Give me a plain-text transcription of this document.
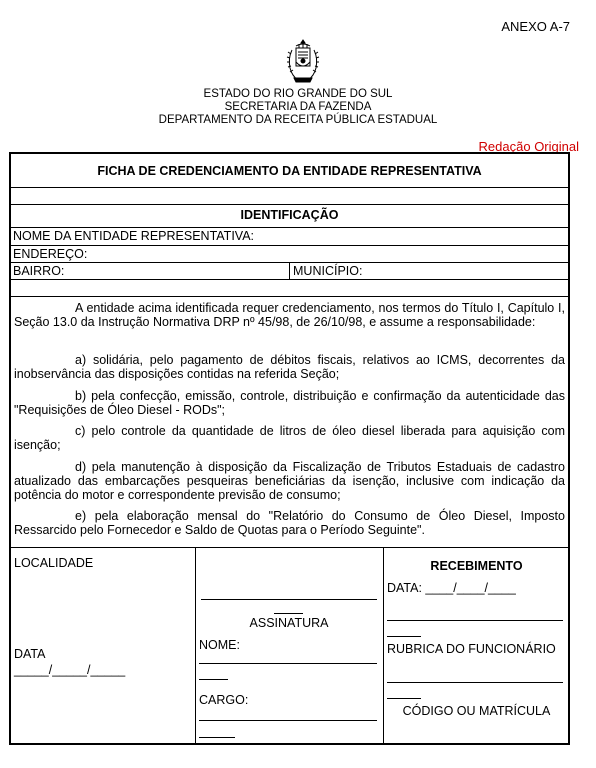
ANEXO A-7
ESTADO DO RIO GRANDE DO SUL
SECRETARIA DA FAZENDA
DEPARTAMENTO DA RECEITA PÚBLICA ESTADUAL
Redação Original
FICHA DE CREDENCIAMENTO DA ENTIDADE REPRESENTATIVA
IDENTIFICAÇÃO
NOME DA ENTIDADE REPRESENTATIVA:
ENDEREÇO:
BAIRRO:	MUNICÍPIO:
A entidade acima identificada requer credenciamento, nos termos do Título I, Capítulo I, Seção 13.0 da Instrução Normativa DRP nº 45/98, de 26/10/98, e assume a responsabilidade:
a) solidária, pelo pagamento de débitos fiscais, relativos ao ICMS, decorrentes da inobservância das disposições contidas na referida Seção;
b) pela confecção, emissão, controle, distribuição e confirmação da autenticidade das "Requisições de Óleo Diesel - RODs";
c) pelo controle da quantidade de litros de óleo diesel liberada para aquisição com isenção;
d) pela manutenção à disposição da Fiscalização de Tributos Estaduais de cadastro atualizado das embarcações pesqueiras beneficiárias da isenção, inclusive com indicação da potência do motor e correspondente previsão de consumo;
e) pela elaboração mensal do "Relatório do Consumo de Óleo Diesel, Imposto Ressarcido pelo Fornecedor e Saldo de Quotas para o Período Seguinte".
LOCALIDADE
DATA
_____/_____/_____
ASSINATURA
NOME:
CARGO:
RECEBIMENTO
DATA: ____/____/____
RUBRICA DO FUNCIONÁRIO
CÓDIGO OU MATRÍCULA
